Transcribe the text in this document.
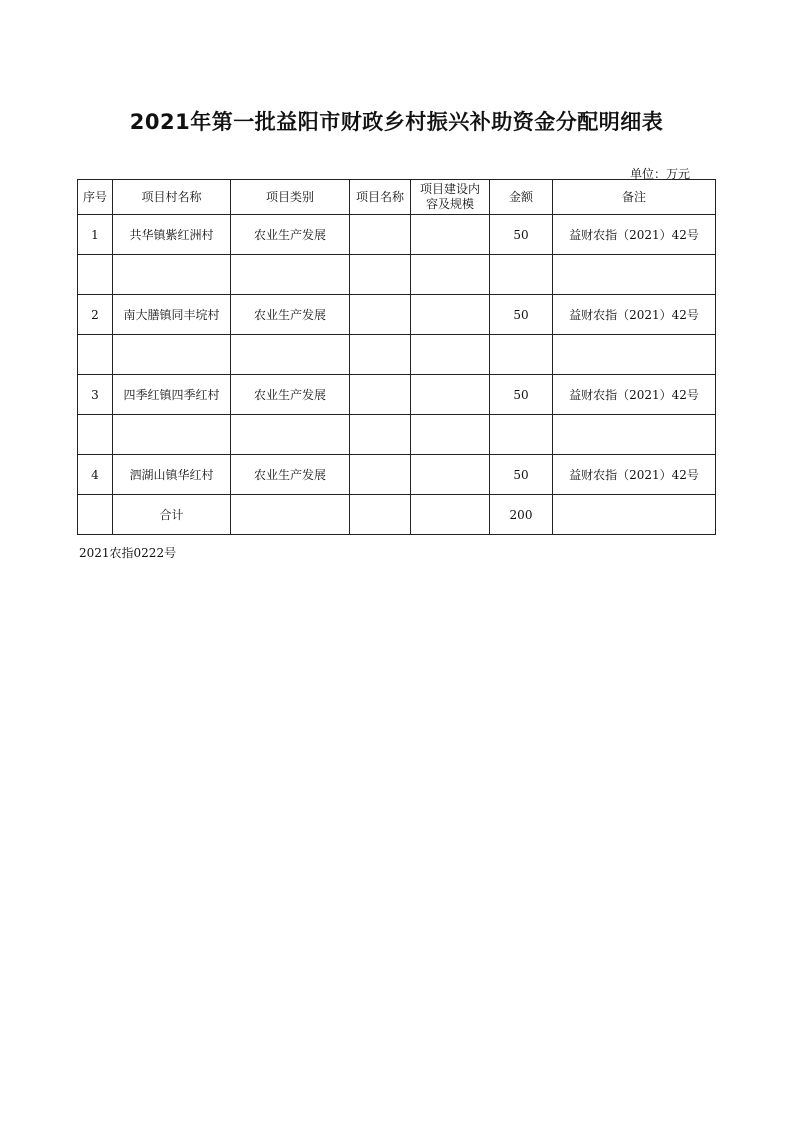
2021年第一批益阳市财政乡村振兴补助资金分配明细表
单位：万元
序号	项目村名称	项目类别	项目名称	项目建设内容及规模	金额	备注
1	共华镇紫红洲村	农业生产发展			50	益财农指（2021）42号

2	南大膳镇同丰垸村	农业生产发展			50	益财农指（2021）42号

3	四季红镇四季红村	农业生产发展			50	益财农指（2021）42号

4	泗湖山镇华红村	农业生产发展			50	益财农指（2021）42号
	合计				200	
2021农指0222号
